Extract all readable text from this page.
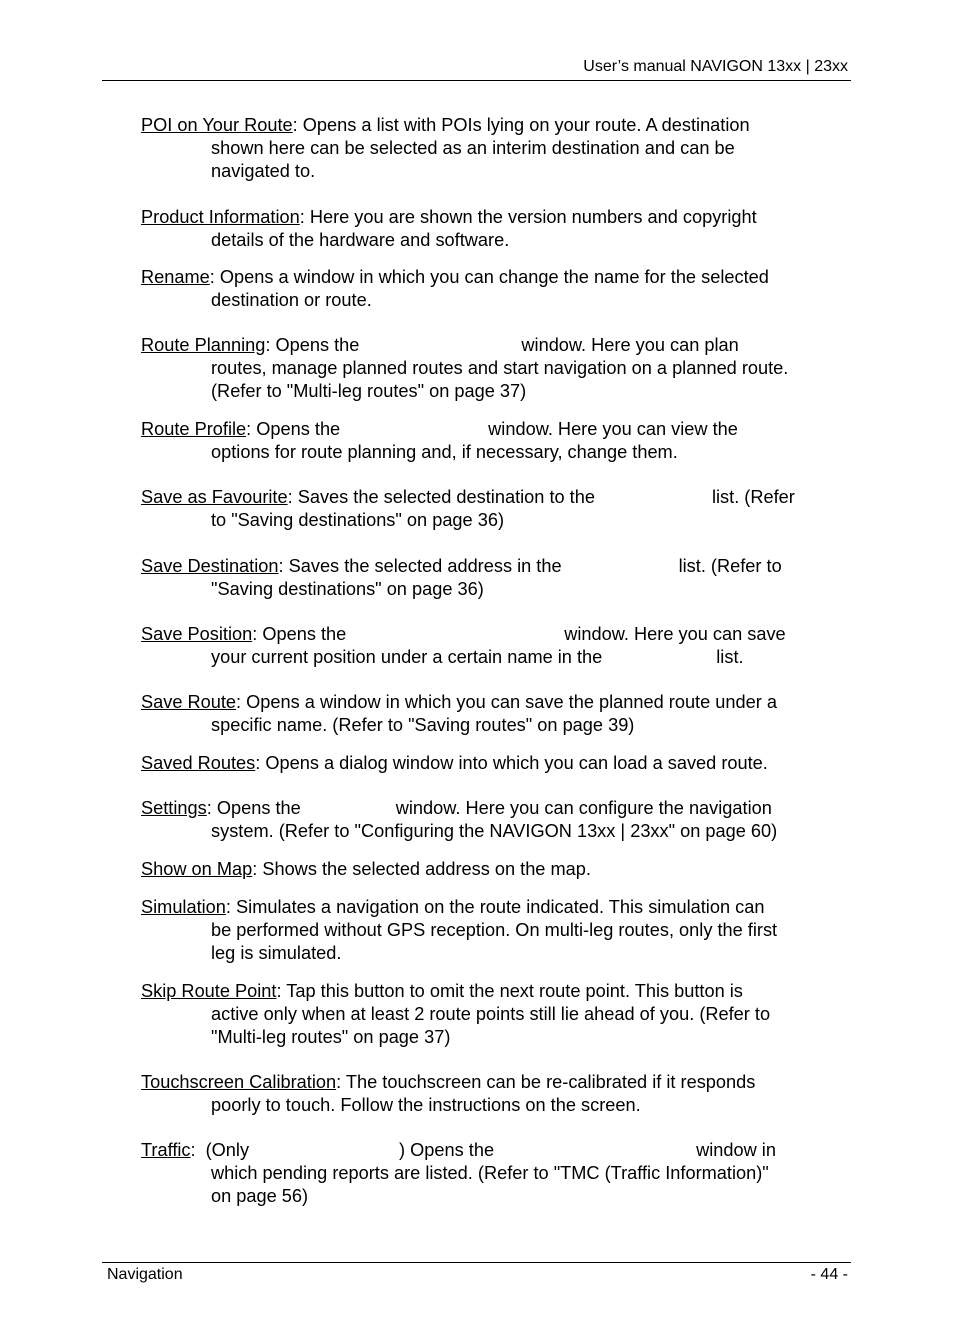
User’s manual NAVIGON 13xx | 23xx
POI on Your Route: Opens a list with POIs lying on your route. A destination
shown here can be selected as an interim destination and can be
navigated to.
Product Information: Here you are shown the version numbers and copyright
details of the hardware and software.
Rename: Opens a window in which you can change the name for the selected
destination or route.
Route Planning: Opens the	window. Here you can plan
routes, manage planned routes and start navigation on a planned route.
(Refer to "Multi-leg routes" on page 37)
Route Profile: Opens the	window. Here you can view the
options for route planning and, if necessary, change them.
Save as Favourite: Saves the selected destination to the	list. (Refer
to "Saving destinations" on page 36)
Save Destination: Saves the selected address in the	list. (Refer to
"Saving destinations" on page 36)
Save Position: Opens the	window. Here you can save
your current position under a certain name in the	list.
Save Route: Opens a window in which you can save the planned route under a
specific name. (Refer to "Saving routes" on page 39)
Saved Routes: Opens a dialog window into which you can load a saved route.
Settings: Opens the	window. Here you can configure the navigation
system. (Refer to "Configuring the NAVIGON 13xx | 23xx" on page 60)
Show on Map: Shows the selected address on the map.
Simulation: Simulates a navigation on the route indicated. This simulation can
be performed without GPS reception. On multi-leg routes, only the first
leg is simulated.
Skip Route Point: Tap this button to omit the next route point. This button is
active only when at least 2 route points still lie ahead of you. (Refer to
"Multi-leg routes" on page 37)
Touchscreen Calibration: The touchscreen can be re-calibrated if it responds
poorly to touch. Follow the instructions on the screen.
Traffic: (Only	) Opens the	window in
which pending reports are listed. (Refer to "TMC (Traffic Information)"
on page 56)
Navigation	- 44 -
